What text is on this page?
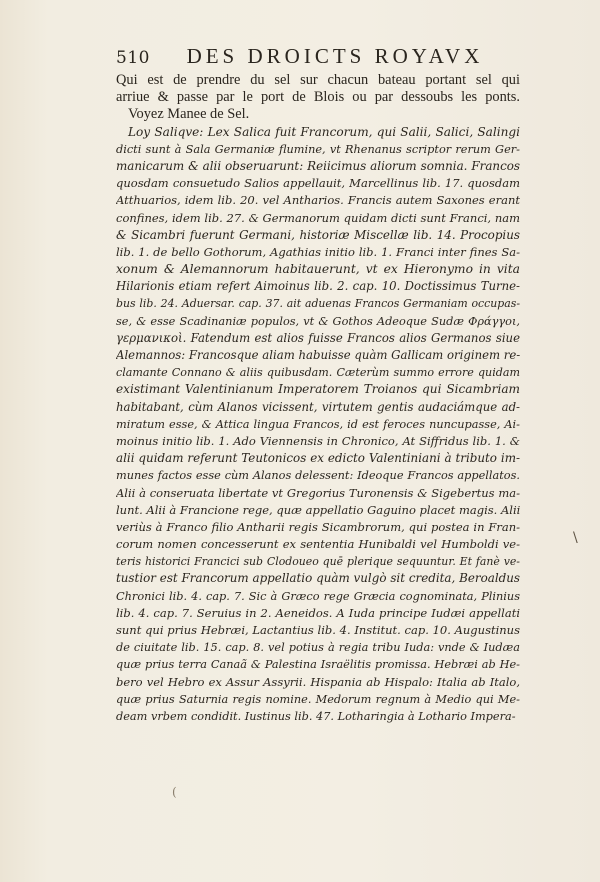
510	DES DROICTS ROYAVX
Qui est de prendre du sel sur chacun bateau portant sel qui
arriue & passe par le port de Blois ou par dessoubs les ponts.
Voyez Manee de Sel.
Loy Saliqve: Lex Salica fuit Francorum, qui Salii, Salici, Salingi
dicti sunt à Sala Germaniæ flumine, vt Rhenanus scriptor rerum Ger-
manicarum & alii obseruarunt: Reiicimus aliorum somnia. Francos
quosdam consuetudo Salios appellauit, Marcellinus lib. 17. quosdam
Atthuarios, idem lib. 20. vel Antharios. Francis autem Saxones erant
confines, idem lib. 27. & Germanorum quidam dicti sunt Franci, nam
& Sicambri fuerunt Germani, historiæ Miscellæ lib. 14. Procopius
lib. 1. de bello Gothorum, Agathias initio lib. 1. Franci inter fines Sa-
xonum & Alemannorum habitauerunt, vt ex Hieronymo in vita
Hilarionis etiam refert Aimoinus lib. 2. cap. 10. Doctissimus Turne-
bus lib. 24. Aduersar. cap. 37. ait aduenas Francos Germaniam occupas-
se, & esse Scadinaniæ populos, vt & Gothos Adeoque Sudæ Φράγγοι,
γερμανικοὶ. Fatendum est alios fuisse Francos alios Germanos siue
Alemannos: Francosque aliam habuisse quàm Gallicam originem re-
clamante Connano & aliis quibusdam. Cæterùm summo errore quidam
existimant Valentinianum Imperatorem Troianos qui Sicambriam
habitabant, cùm Alanos vicissent, virtutem gentis audaciámque ad-
miratum esse, & Attica lingua Francos, id est feroces nuncupasse, Ai-
moinus initio lib. 1. Ado Viennensis in Chronico, At Siffridus lib. 1. &
alii quidam referunt Teutonicos ex edicto Valentiniani à tributo im-
munes factos esse cùm Alanos delessent: Ideoque Francos appellatos.
Alii à conseruata libertate vt Gregorius Turonensis & Sigebertus ma-
lunt. Alii à Francione rege, quæ appellatio Gaguino placet magis. Alii
veriùs à Franco filio Antharii regis Sicambrorum, qui postea in Fran-
corum nomen concesserunt ex sententia Hunibaldi vel Humboldi ve-
teris historici Francici sub Clodoueo quē plerique sequuntur. Et fanè ve-
tustior est Francorum appellatio quàm vulgò sit credita, Beroaldus
Chronici lib. 4. cap. 7. Sic à Græco rege Græcia cognominata, Plinius
lib. 4. cap. 7. Seruius in 2. Aeneidos. A Iuda principe Iudæi appellati
sunt qui prius Hebræi, Lactantius lib. 4. Institut. cap. 10. Augustinus
de ciuitate lib. 15. cap. 8. vel potius à regia tribu Iuda: vnde & Iudæa
quæ prius terra Canaã & Palestina Israëlitis promissa. Hebræi ab He-
bero vel Hebro ex Assur Assyrii. Hispania ab Hispalo: Italia ab Italo,
quæ prius Saturnia regis nomine. Medorum regnum à Medio qui Me-
deam vrbem condidit. Iustinus lib. 47. Lotharingia à Lothario Impera-
\
(
